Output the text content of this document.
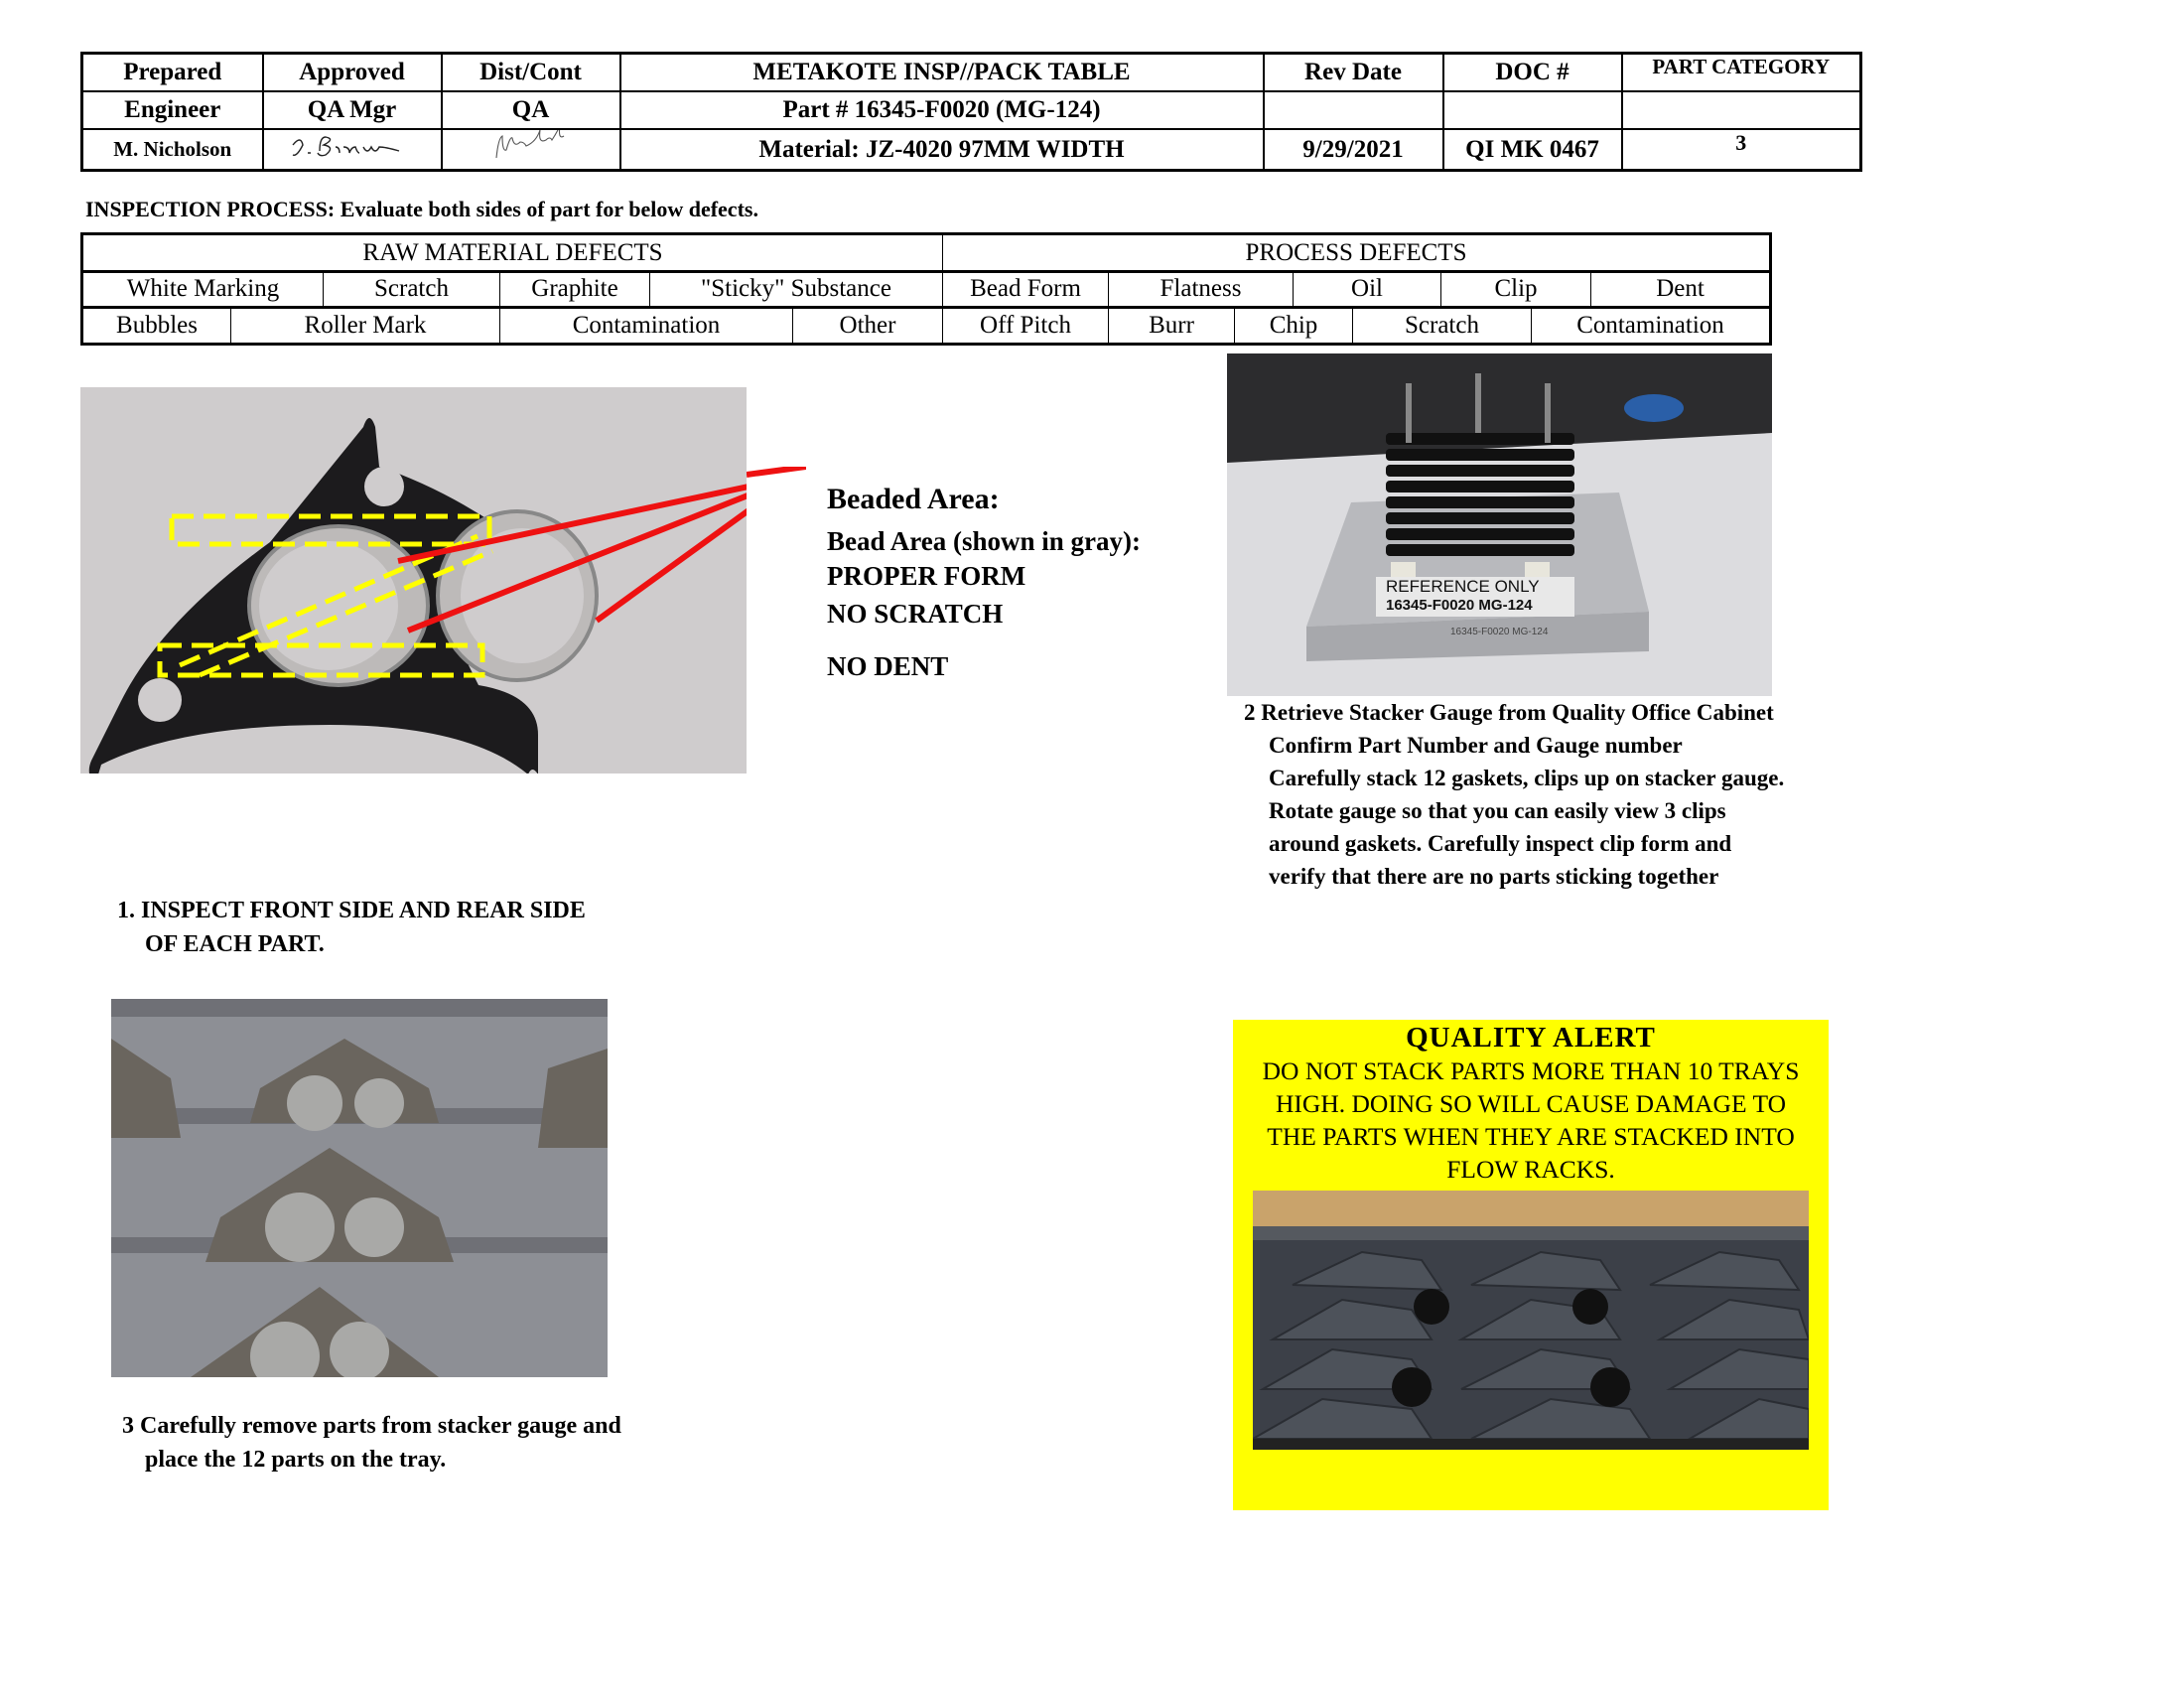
Prepared	Approved	Dist/Cont	METAKOTE INSP//PACK TABLE	Rev Date	DOC #	PART CATEGORY
Engineer	QA Mgr	QA	Part # 16345-F0020 (MG-124)			
M. Nicholson			Material: JZ-4020 97MM WIDTH	9/29/2021	QI MK 0467	3
INSPECTION PROCESS: Evaluate both sides of part for below defects.
RAW MATERIAL DEFECTS	PROCESS DEFECTS
White Marking	Scratch	Graphite	"Sticky" Substance	Bead Form	Flatness	Oil	Clip	Dent
Bubbles	Roller Mark	Contamination	Other	Off Pitch	Burr	Chip	Scratch	Contamination
Beaded Area:
Bead Area (shown in gray):
PROPER FORM
NO SCRATCH
NO DENT
REFERENCE ONLY
16345-F0020 MG-124
16345-F0020 MG-124
2 Retrieve Stacker Gauge from Quality Office Cabinet
Confirm Part Number and Gauge number
Carefully stack 12 gaskets, clips up on stacker gauge.
Rotate gauge so that you can easily view 3 clips
around gaskets. Carefully inspect clip form and
verify that there are no parts sticking together
1. INSPECT FRONT SIDE AND REAR SIDE
OF EACH PART.
3 Carefully remove parts from stacker gauge and
place the 12 parts on the tray.
QUALITY ALERT
DO NOT STACK PARTS MORE THAN 10 TRAYS
HIGH. DOING SO WILL CAUSE DAMAGE TO
THE PARTS WHEN THEY ARE STACKED INTO
FLOW RACKS.
